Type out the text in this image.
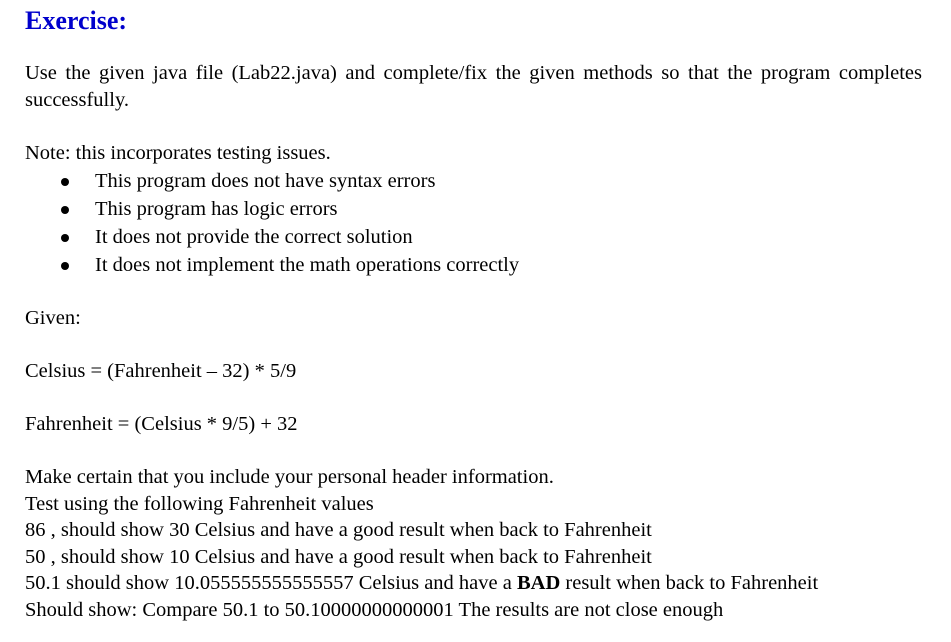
Exercise:

Use the given java file (Lab22.java) and complete/fix the given methods so that the program completes successfully.

Note: this incorporates testing issues.

This program does not have syntax errors
This program has logic errors
It does not provide the correct solution
It does not implement the math operations correctly

Given:

Celsius = (Fahrenheit – 32) * 5/9

Fahrenheit = (Celsius * 9/5) + 32

Make certain that you include your personal header information.

Test using the following Fahrenheit values

86 , should show 30 Celsius and have a good result when back to Fahrenheit

50 , should show 10 Celsius and have a good result when back to Fahrenheit

50.1 should show 10.055555555555557 Celsius and have a BAD result when back to Fahrenheit

Should show: Compare 50.1 to 50.10000000000001 The results are not close enough
